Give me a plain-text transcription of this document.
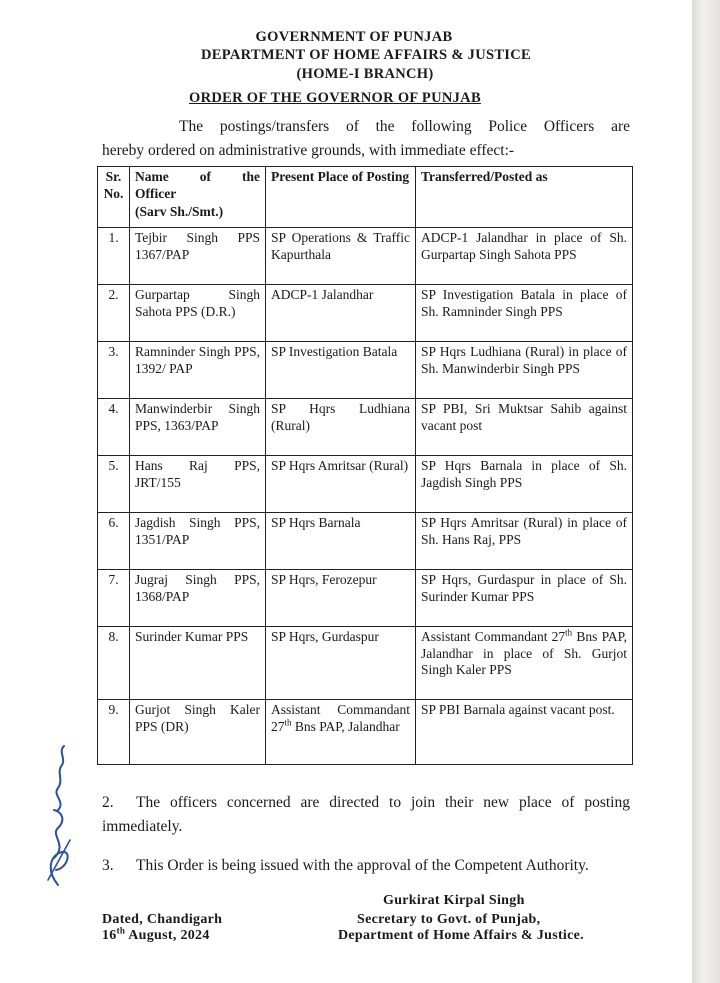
GOVERNMENT OF PUNJAB
DEPARTMENT OF HOME AFFAIRS & JUSTICE
(HOME-I BRANCH)
ORDER OF THE GOVERNOR OF PUNJAB
The postings/transfers of the following Police Officers are
hereby ordered on administrative grounds, with immediate effect:-
Sr. No.	Name of the
Officer
(Sarv Sh./Smt.)	Present Place of Posting	Transferred/Posted as
1.	Tejbir Singh PPS 1367/PAP	SP Operations & Traffic Kapurthala	ADCP-1 Jalandhar in place of Sh. Gurpartap Singh Sahota PPS
2.	Gurpartap Singh Sahota PPS (D.R.)	ADCP-1 Jalandhar	SP Investigation Batala in place of Sh. Ramninder Singh PPS
3.	Ramninder Singh PPS, 1392/ PAP	SP Investigation Batala	SP Hqrs Ludhiana (Rural) in place of Sh. Manwinderbir Singh PPS
4.	Manwinderbir Singh PPS, 1363/PAP	SP Hqrs Ludhiana (Rural)	SP PBI, Sri Muktsar Sahib against vacant post
5.	Hans Raj PPS, JRT/155	SP Hqrs Amritsar (Rural)	SP Hqrs Barnala in place of Sh. Jagdish Singh PPS
6.	Jagdish Singh PPS, 1351/PAP	SP Hqrs Barnala	SP Hqrs Amritsar (Rural) in place of Sh. Hans Raj, PPS
7.	Jugraj Singh PPS, 1368/PAP	SP Hqrs, Ferozepur	SP Hqrs, Gurdaspur in place of Sh. Surinder Kumar PPS
8.	Surinder Kumar PPS	SP Hqrs, Gurdaspur	Assistant Commandant 27th Bns PAP, Jalandhar in place of Sh. Gurjot Singh Kaler PPS
9.	Gurjot Singh Kaler PPS (DR)	Assistant Commandant 27th Bns PAP, Jalandhar	SP PBI Barnala against vacant post.
2. The officers concerned are directed to join their new place of posting immediately.
3. This Order is being issued with the approval of the Competent Authority.
Gurkirat Kirpal Singh
Secretary to Govt. of Punjab,
Department of Home Affairs & Justice.
Dated, Chandigarh
16th August, 2024
